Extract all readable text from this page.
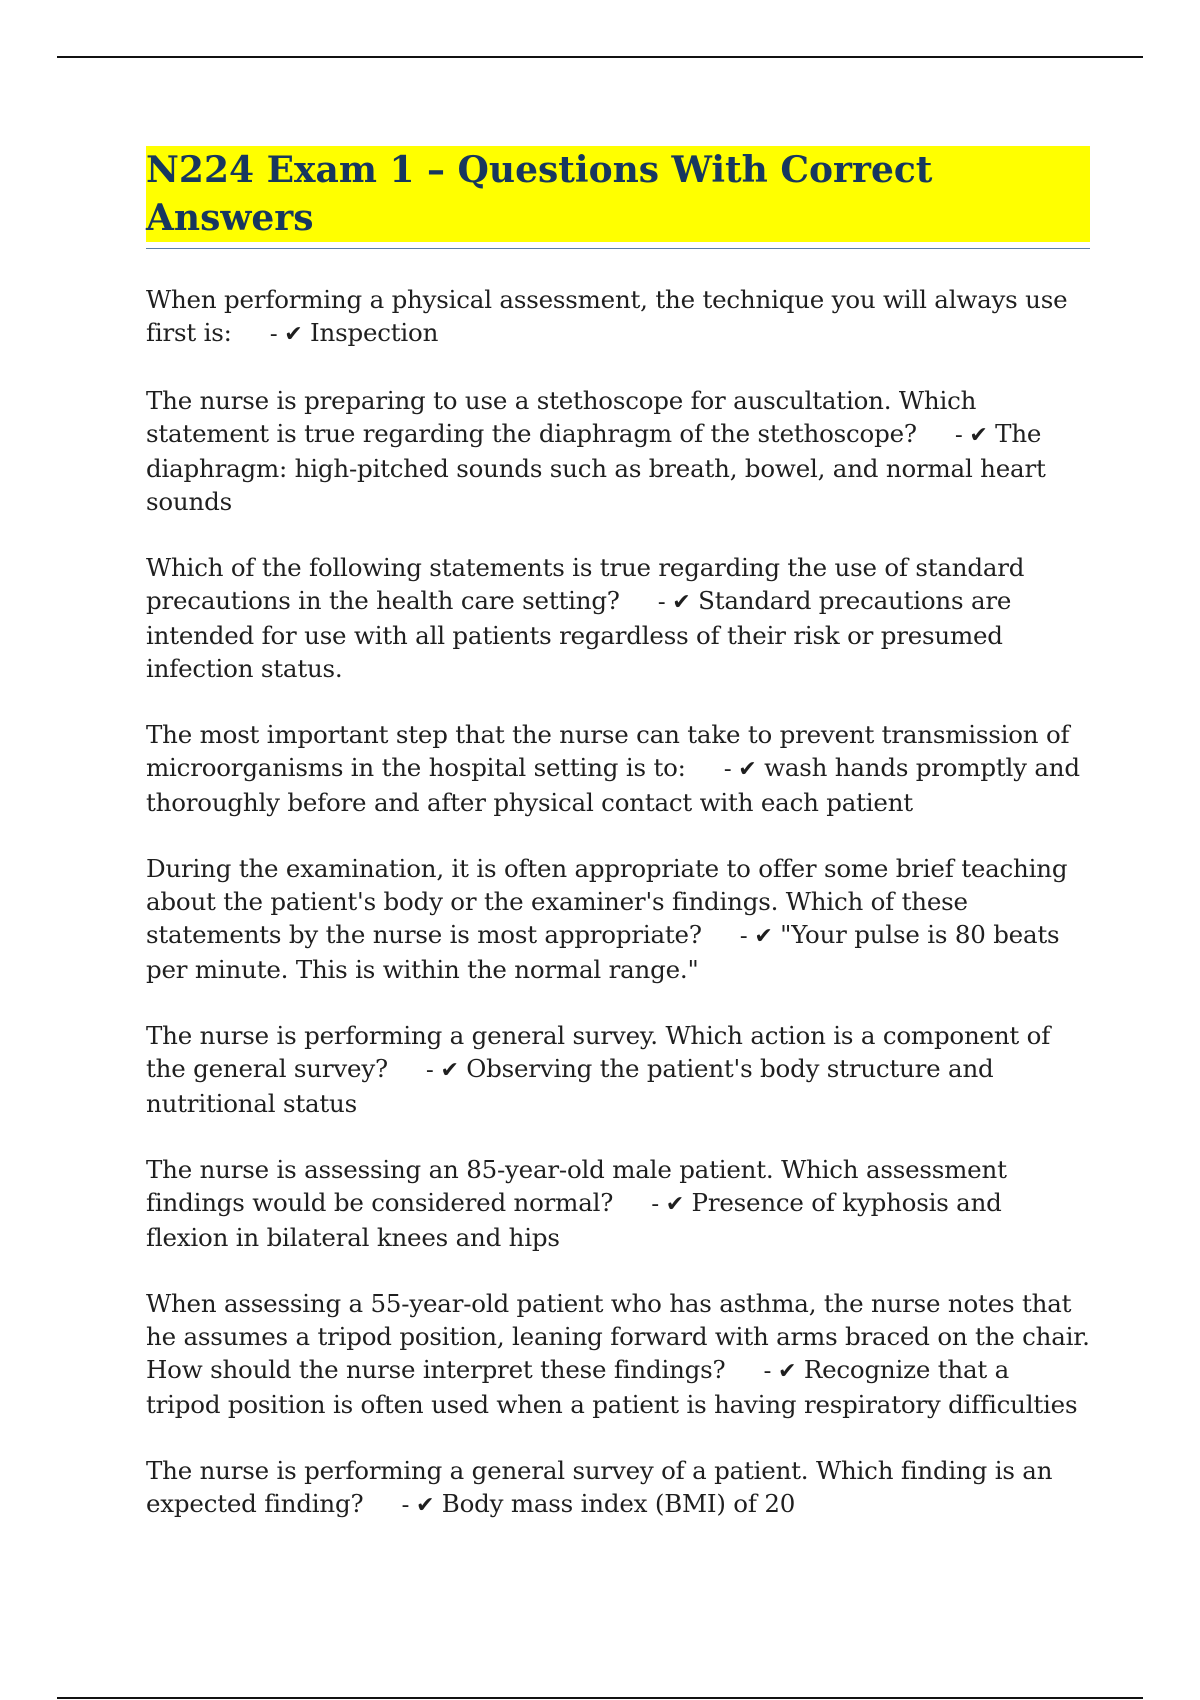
N224 Exam 1 – Questions With Correct Answers
When performing a physical assessment, the technique you will always use first is: - ✔ Inspection
The nurse is preparing to use a stethoscope for auscultation. Which statement is true regarding the diaphragm of the stethoscope? - ✔ The diaphragm: high-pitched sounds such as breath, bowel, and normal heart sounds
Which of the following statements is true regarding the use of standard precautions in the health care setting? - ✔ Standard precautions are intended for use with all patients regardless of their risk or presumed infection status.
The most important step that the nurse can take to prevent transmission of microorganisms in the hospital setting is to: - ✔ wash hands promptly and thoroughly before and after physical contact with each patient
During the examination, it is often appropriate to offer some brief teaching about the patient's body or the examiner's findings. Which of these statements by the nurse is most appropriate? - ✔ "Your pulse is 80 beats per minute. This is within the normal range."
The nurse is performing a general survey. Which action is a component of the general survey? - ✔ Observing the patient's body structure and nutritional status
The nurse is assessing an 85-year-old male patient. Which assessment findings would be considered normal? - ✔ Presence of kyphosis and flexion in bilateral knees and hips
When assessing a 55-year-old patient who has asthma, the nurse notes that he assumes a tripod position, leaning forward with arms braced on the chair. How should the nurse interpret these findings? - ✔ Recognize that a tripod position is often used when a patient is having respiratory difficulties
The nurse is performing a general survey of a patient. Which finding is an expected finding? - ✔ Body mass index (BMI) of 20
